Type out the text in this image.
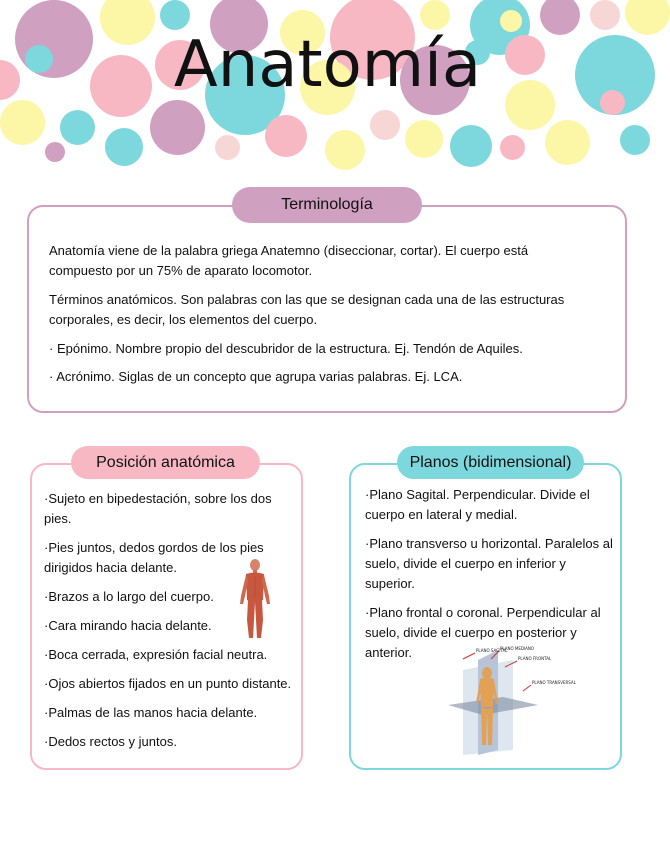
Anatomía

Anatomía viene de la palabra griega Anatemno (diseccionar, cortar). El cuerpo está compuesto por un 75% de aparato locomotor.

Términos anatómicos. Son palabras con las que se designan cada una de las estructuras corporales, es decir, los elementos del cuerpo.

· Epónimo. Nombre propio del descubridor de la estructura. Ej. Tendón de Aquiles.

· Acrónimo. Siglas de un concepto que agrupa varias palabras. Ej. LCA.

Terminología

·Sujeto en bipedestación, sobre los dos pies.

·Pies juntos, dedos gordos de los pies dirigidos hacia delante.

·Brazos a lo largo del cuerpo.

·Cara mirando hacia delante.

·Boca cerrada, expresión facial neutra.

·Ojos abiertos fijados en un punto distante.

·Palmas de las manos hacia delante.

·Dedos rectos y juntos.

Posición anatómica

·Plano Sagital. Perpendicular. Divide el cuerpo en lateral y medial.

·Plano transverso u horizontal. Paralelos al suelo, divide el cuerpo en inferior y superior.

·Plano frontal o coronal. Perpendicular al suelo, divide el cuerpo en posterior y anterior.	PLANO SAGITAL
PLANO MEDIANO
PLANO FRONTAL
PLANO TRANSVERSAL
Planos (bidimensional)
